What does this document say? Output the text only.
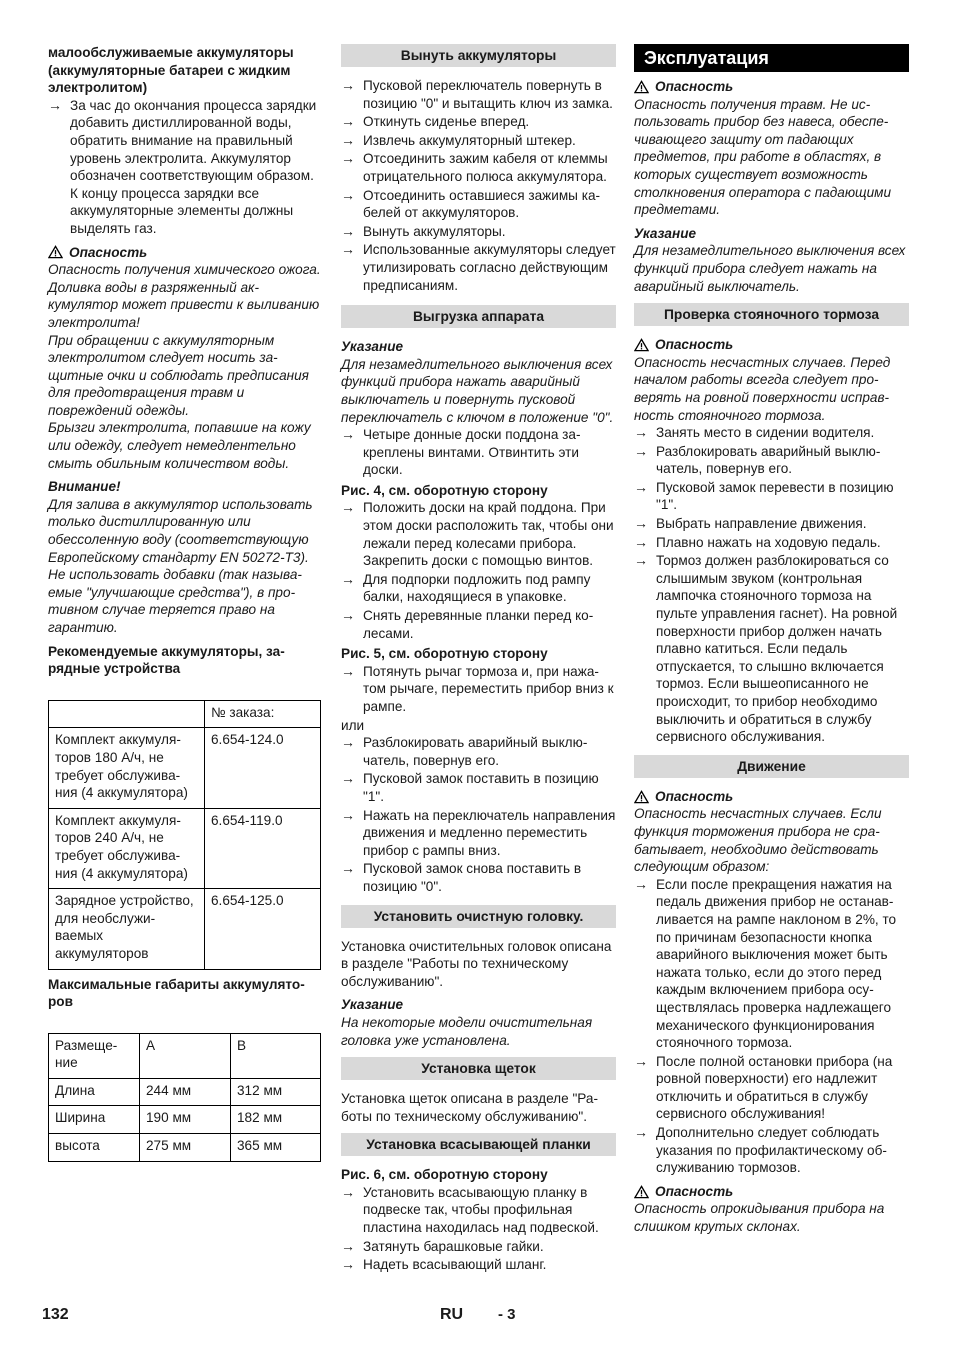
малообслуживаемые аккумуляторы (аккумуляторные батареи с жидким электролитом)

→ За час до окончания процесса зарядки добавить дистиллированной воды, обратить внимание на правильный уровень электролита. Аккумулятор обозначен соответствующим образом. К концу процесса зарядки все аккумуляторные элементы должны выделять газ.
Опасность

Опасность получения химического ожога. Доливка воды в разряженный аккумулятор может привести к выливaнию электролита!

При обращении с аккумуляторным электролитом следует носить защитные очки и соблюдать предписания для предотвращения травм и повреждений одежды.

Брызги электролита, попавшие на кожу или одежду, следует немедлентельно смыть обильным количеством воды.

Внимание!

Для залива в аккумулятор использовать только дистиллированную или обессоленную воду (соответствующую Европейскому стандарту EN 50272-T3).

Не использовать добавки (так называемые "улучшающие средства"), в противном случае теряется право на гарантию.

Рекомендуемые аккумуляторы, зарядные устройства

	№ заказа:
Комплект аккумуляторов 180 А/ч, не требует обслуживания (4 аккумулятора)	6.654-124.0
Комплект аккумуляторов 240 А/ч, не требует обслуживания (4 аккумулятора)	6.654-119.0
Зарядное устройство, для необслуживаемых аккумуляторов	6.654-125.0

Максимальные габариты аккумуляторов

Размещение	A	B
Длина	244 мм	312 мм
Ширина	190 мм	182 мм
высота	275 мм	365 мм
Вынуть аккумуляторы
→ Пусковой переключатель повернуть в позицию "0" и вытащить ключ из замка.
→ Откинуть сиденье вперед.
→ Извлечь аккумуляторный штекер.
→ Отсоединить зажим кабеля от клеммы отрицательного полюса аккумулятора.
→ Отсоединить оставшиеся зажимы кабелей от аккумуляторов.
→ Вынуть аккумуляторы.
→ Использованные аккумуляторы следует утилизировать согласно действующим предписаниям.
Выгрузка аппарата

Указание

Для незамедлительного выключения всех функций прибора нажать аварийный выключатель и повернуть пусковой переключатель с ключом в положение "0".

→ Четыре донные доски поддона закреплены винтами. Отвинтить эти доски.

Рис. 4, см. оборотную сторону

→ Положить доски на край поддона. При этом доски расположить так, чтобы они лежали перед колесами прибора. Закрепить доски с помощью винтов.
→ Для подпорки подложить под рампу балки, находящиеся в упаковке.
→ Снять деревянные планки перед колесами.

Рис. 5, см. оборотную сторону

→ Потянуть рычаг тормоза и, при нажатом рычаге, переместить прибор вниз к рампе.

или

→ Разблокировать аварийный выключатель, повернув его.
→ Пусковой замок поставить в позицию "1".
→ Нажать на переключатель направления движения и медленно переместить прибор с рампы вниз.
→ Пусковой замок снова поставить в позицию "0".
Установить очистную головку.

Установка очистительных головок описана в разделе "Работы по техническому обслуживанию".

Указание

На некоторые модели очистительная головка уже установлена.

Установка щеток

Установка щеток описана в разделе "Работы по техническому обслуживанию".

Установка всасывающей планки

Рис. 6, см. оборотную сторону

→ Установить всасывающую планку в подвеске так, чтобы профильная пластина находилась над подвеской.
→ Затянуть барашковые гайки.
→ Надеть всасывающий шланг.
Эксплуатация
Опасность

Опасность получения травм. Не использовать прибор без навеса, обеспечивающего защиту от падающих предметов, при работе в областях, в которых существует возможность столкновения оператора с падающими предметами.

Указание

Для незамедлительного выключения всех функций прибора следует нажать на аварийный выключатель.

Проверка стояночного тормоза
Опасность

Опасность несчастных случаев. Перед началом работы всегда следует проверять на ровной поверхности исправность стояночного тормоза.

→ Занять место в сидении водителя.
→ Разблокировать аварийный выключатель, повернув его.
→ Пусковой замок перевести в позицию "1".
→ Выбрать направление движения.
→ Плавно нажать на ходовую педаль.
→ Тормоз должен разблокироваться со слышимым звуком (контрольная лампочка стояночного тормоза на пульте управления гаснет). На ровной поверхности прибор должен начать плавно катиться. Если педаль отпускается, то слышно включается тормоз. Если вышеописанного не происходит, то прибор необходимо выключить и обратиться в службу сервисного обслуживания.
Движение
Опасность

Опасность несчастных случаев. Если функция торможения прибора не срабатывает, необходимо действовать следующим образом:

→ Если после прекращения нажатия на педаль движения прибор не останавливается на рампе наклоном в 2%, то по причинам безопасности кнопка аварийного выключения может быть нажата только, если до этого перед каждым включением прибора осуществлялась проверка надлежащего механического функционирования стояночного тормоза.
→ После полной остановки прибора (на ровной поверхности) его надлежит отключить и обратиться в службу сервисного обслуживания!
→ Дополнительно следует соблюдать указания по профилактическому обслуживанию тормозов.
Опасность

Опасность опрокидывания прибора на слишком крутых склонах.

132	RU - 3
